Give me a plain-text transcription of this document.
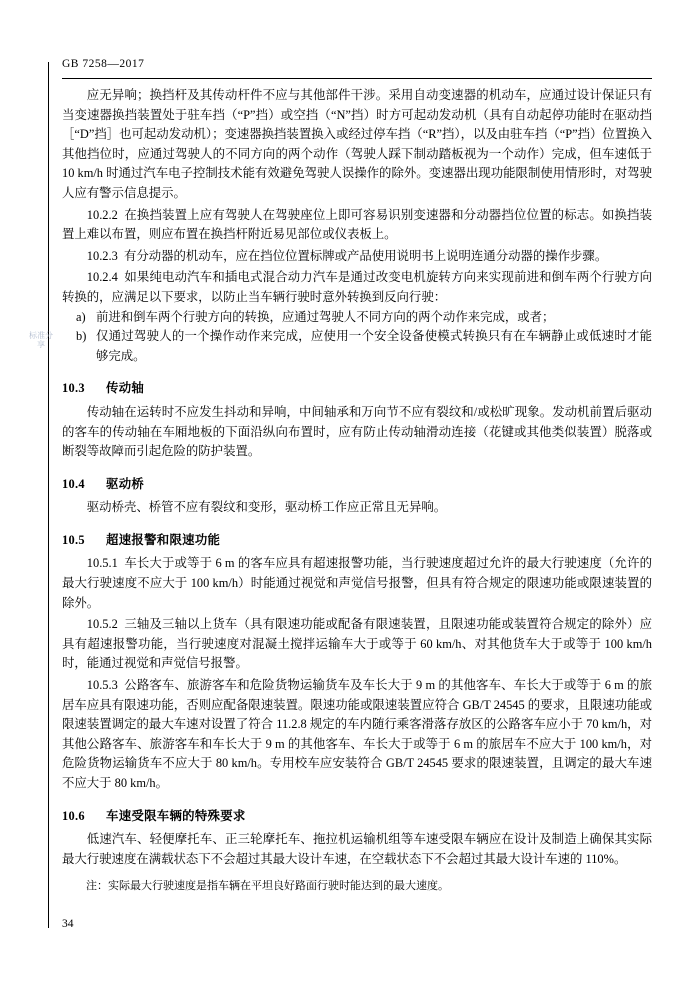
GB 7258—2017
标准分享

应无异响；换挡杆及其传动杆件不应与其他部件干涉。采用自动变速器的机动车，应通过设计保证只有当变速器换挡装置处于驻车挡（“P”挡）或空挡（“N”挡）时方可起动发动机（具有自动起停功能时在驱动挡［“D”挡］也可起动发动机）；变速器换挡装置换入或经过停车挡（“R”挡），以及由驻车挡（“P”挡）位置换入其他挡位时，应通过驾驶人的不同方向的两个动作（驾驶人踩下制动踏板视为一个动作）完成，但车速低于 10 km/h 时通过汽车电子控制技术能有效避免驾驶人误操作的除外。变速器出现功能限制使用情形时，对驾驶人应有警示信息提示。

10.2.2 在换挡装置上应有驾驶人在驾驶座位上即可容易识别变速器和分动器挡位位置的标志。如换挡装置上难以布置，则应布置在换挡杆附近易见部位或仪表板上。

10.2.3 有分动器的机动车，应在挡位位置标牌或产品使用说明书上说明连通分动器的操作步骤。

10.2.4 如果纯电动汽车和插电式混合动力汽车是通过改变电机旋转方向来实现前进和倒车两个行驶方向转换的，应满足以下要求，以防止当车辆行驶时意外转换到反向行驶：

a) 前进和倒车两个行驶方向的转换，应通过驾驶人不同方向的两个动作来完成，或者；
b) 仅通过驾驶人的一个操作动作来完成，应使用一个安全设备使模式转换只有在车辆静止或低速时才能够完成。

10.3 传动轴

传动轴在运转时不应发生抖动和异响，中间轴承和万向节不应有裂纹和/或松旷现象。发动机前置后驱动的客车的传动轴在车厢地板的下面沿纵向布置时，应有防止传动轴滑动连接（花键或其他类似装置）脱落或断裂等故障而引起危险的防护装置。

10.4 驱动桥

驱动桥壳、桥管不应有裂纹和变形，驱动桥工作应正常且无异响。

10.5 超速报警和限速功能

10.5.1 车长大于或等于 6 m 的客车应具有超速报警功能，当行驶速度超过允许的最大行驶速度（允许的最大行驶速度不应大于 100 km/h）时能通过视觉和声觉信号报警，但具有符合规定的限速功能或限速装置的除外。

10.5.2 三轴及三轴以上货车（具有限速功能或配备有限速装置，且限速功能或装置符合规定的除外）应具有超速报警功能，当行驶速度对混凝土搅拌运输车大于或等于 60 km/h、对其他货车大于或等于 100 km/h 时，能通过视觉和声觉信号报警。

10.5.3 公路客车、旅游客车和危险货物运输货车及车长大于 9 m 的其他客车、车长大于或等于 6 m 的旅居车应具有限速功能，否则应配备限速装置。限速功能或限速装置应符合 GB/T 24545 的要求，且限速功能或限速装置调定的最大车速对设置了符合 11.2.8 规定的车内随行乘客滑落存放区的公路客车应小于 70 km/h，对其他公路客车、旅游客车和车长大于 9 m 的其他客车、车长大于或等于 6 m 的旅居车不应大于 100 km/h，对危险货物运输货车不应大于 80 km/h。专用校车应安装符合 GB/T 24545 要求的限速装置，且调定的最大车速不应大于 80 km/h。

10.6 车速受限车辆的特殊要求

低速汽车、轻便摩托车、正三轮摩托车、拖拉机运输机组等车速受限车辆应在设计及制造上确保其实际最大行驶速度在满载状态下不会超过其最大设计车速，在空载状态下不会超过其最大设计车速的 110%。

注：实际最大行驶速度是指车辆在平坦良好路面行驶时能达到的最大速度。

34
